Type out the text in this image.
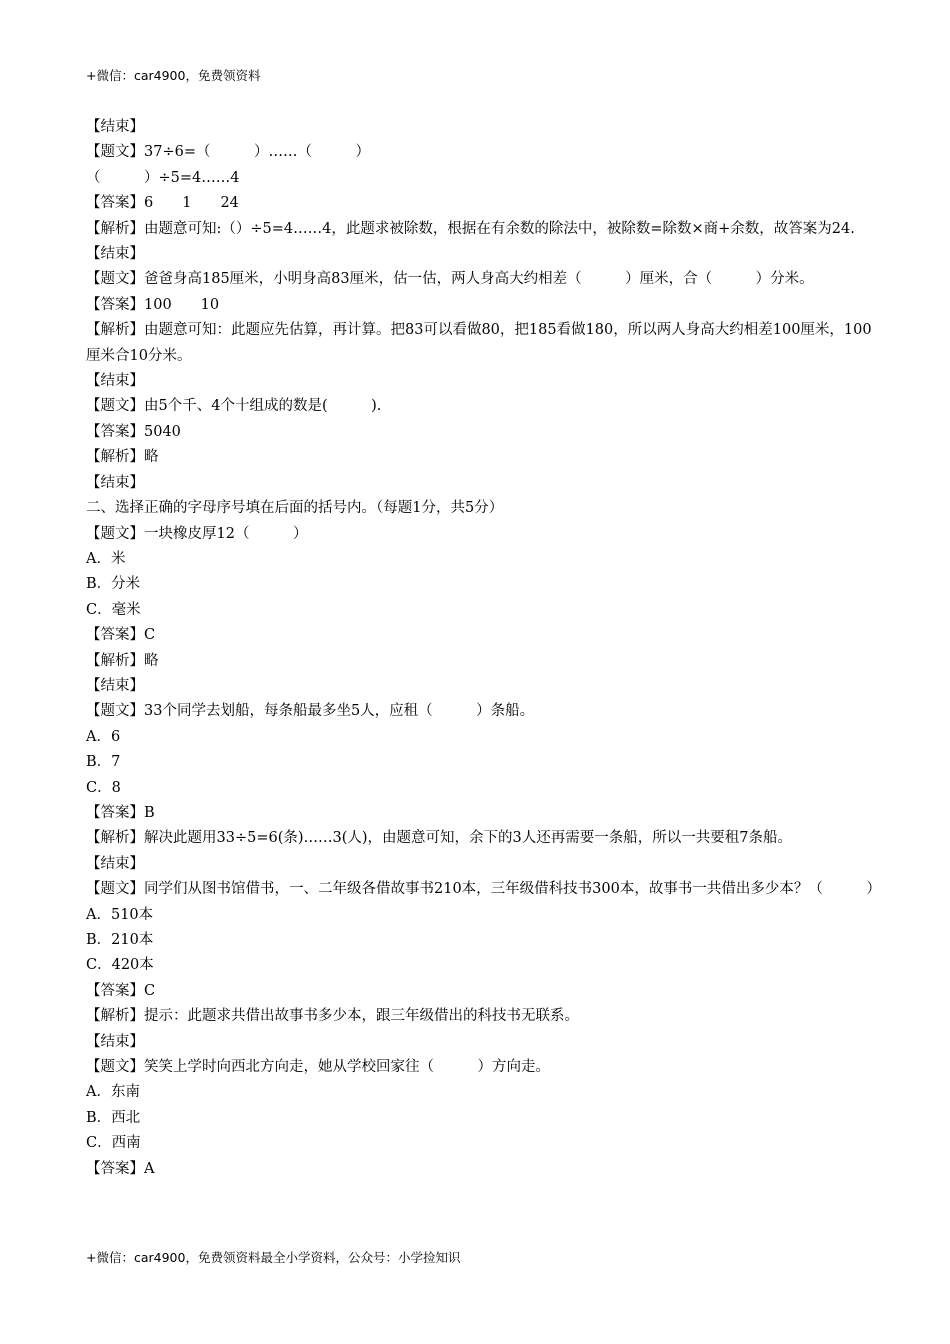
+微信：car4900，免费领资料
【结束】
【题文】37÷6=（　　　）……（　　　）
（　　　）÷5=4……4
【答案】6　　1　　24
【解析】由题意可知:（）÷5=4……4，此题求被除数，根据在有余数的除法中，被除数=除数×商+余数，故答案为24.
【结束】
【题文】爸爸身高185厘米，小明身高83厘米，估一估，两人身高大约相差（　　　）厘米，合（　　　）分米。
【答案】100　　10
【解析】由题意可知：此题应先估算，再计算。把83可以看做80，把185看做180，所以两人身高大约相差100厘米，100厘米合10分米。
【结束】
【题文】由5个千、4个十组成的数是(　　　).
【答案】5040
【解析】略
【结束】
二、选择正确的字母序号填在后面的括号内。（每题1分，共5分）
【题文】一块橡皮厚12（　　　）
A．米
B．分米
C．毫米
【答案】C
【解析】略
【结束】
【题文】33个同学去划船，每条船最多坐5人，应租（　　　）条船。
A．6
B．7
C．8
【答案】B
【解析】解决此题用33÷5=6(条)……3(人)，由题意可知，余下的3人还再需要一条船，所以一共要租7条船。
【结束】
【题文】同学们从图书馆借书，一、二年级各借故事书210本，三年级借科技书300本，故事书一共借出多少本？（　　　）
A．510本
B．210本
C．420本
【答案】C
【解析】提示：此题求共借出故事书多少本，跟三年级借出的科技书无联系。
【结束】
【题文】笑笑上学时向西北方向走，她从学校回家往（　　　）方向走。
A．东南
B．西北
C．西南
【答案】A
+微信：car4900，免费领资料最全小学资料，公众号：小学捡知识
